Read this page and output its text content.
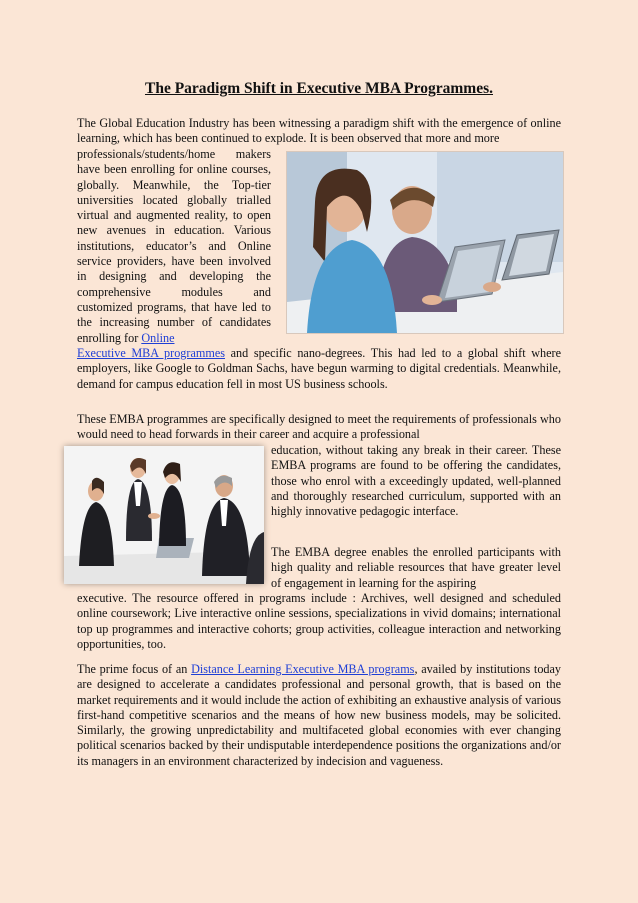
The Paradigm Shift in Executive MBA Programmes.

The Global Education Industry has been witnessing a paradigm shift with the emergence of online learning, which has been continued to explode. It is been observed that more and more

professionals/students/home makers have been enrolling for online courses, globally. Meanwhile, the Top-tier universities located globally trialled virtual and augmented reality, to open new avenues in education. Various institutions, educator’s and Online service providers, have been involved in designing and developing the comprehensive modules and customized programs, that have led to the increasing number of candidates enrolling for Online

Executive MBA programmes and specific nano-degrees. This had led to a global shift where employers, like Google to Goldman Sachs, have begun warming to digital credentials. Meanwhile, demand for campus education fell in most US business schools.

These EMBA programmes are specifically designed to meet the requirements of professionals who would need to head forwards in their career and acquire a professional

education, without taking any break in their career. These EMBA programs are found to be offering the candidates, those who enrol with a exceedingly updated, well-planned and thoroughly researched curriculum, supported with an highly innovative pedagogic interface.

The EMBA degree enables the enrolled participants with high quality and reliable resources that have greater level of engagement in learning for the aspiring

executive. The resource offered in programs include : Archives, well designed and scheduled online coursework; Live interactive online sessions, specializations in vivid domains; international top up programmes and interactive cohorts; group activities, colleague interaction and networking opportunities, too.

The prime focus of an Distance Learning Executive MBA programs, availed by institutions today are designed to accelerate a candidates professional and personal growth, that is based on the market requirements and it would include the action of exhibiting an exhaustive analysis of various first-hand competitive scenarios and the means of how new business models, may be solicited. Similarly, the growing unpredictability and multifaceted global economies with ever changing political scenarios backed by their undisputable interdependence positions the organizations and/or its managers in an environment characterized by indecision and vagueness.
